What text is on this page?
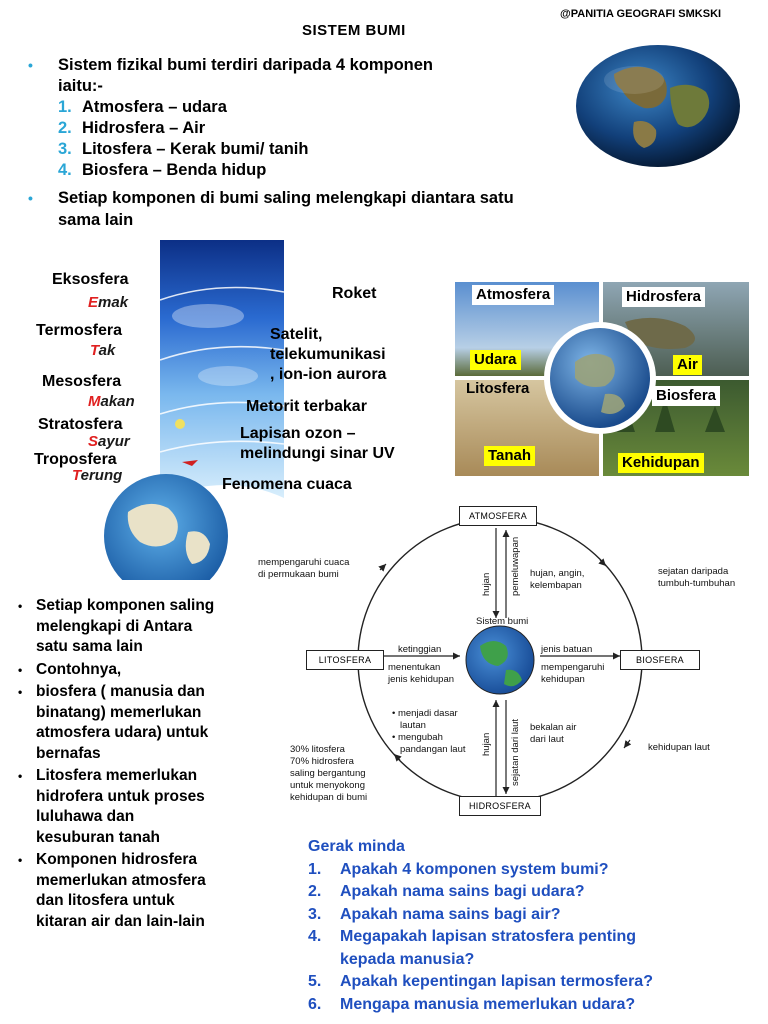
@PANITIA GEOGRAFI SMKSKI
SISTEM BUMI
•	Sistem fizikal bumi terdiri daripada 4 komponen
iaitu:-
1. Atmosfera – udara
2. Hidrosfera – Air
3. Litosfera – Kerak bumi/ tanih
4. Biosfera – Benda hidup
•	Setiap komponen di bumi saling melengkapi diantara satu
sama lain
Eksosfera
Emak
Termosfera
Tak
Mesosfera
Makan
Stratosfera
Sayur
Troposfera
Terung
Roket
Satelit,
telekumunikasi
, ion-ion aurora
Metorit terbakar
Lapisan ozon –
melindungi sinar UV
Fenomena cuaca
Atmosfera	Hidrosfera
Udara	Air
Litosfera	Biosfera
Tanah	Kehidupan
• Setiap komponen saling
melengkapi di Antara
satu sama lain
• Contohnya,
• biosfera ( manusia dan
binatang) memerlukan
atmosfera udara) untuk
bernafas
• Litosfera memerlukan
hidrofera untuk proses
luluhawa dan
kesuburan tanah
• Komponen hidrosfera
memerlukan atmosfera
dan litosfera untuk
kitaran air dan lain-lain
ATMOSFERA
LITOSFERA	BIOSFERA
HIDROSFERA
Sistem bumi
mempengaruhi cuaca
di permukaan bumi	sejatan daripada
tumbuh-tumbuhan
hujan pemeluwapan hujan, angin,
kelembapan
ketinggian
menentukan
jenis kehidupan
jenis batuan
mempengaruhi
kehidupan
• menjadi dasar
lautan
• mengubah
pandangan laut hujan sejatan dari laut bekalan air
dari laut
kehidupan laut
30% litosfera
70% hidrosfera
saling bergantung
untuk menyokong
kehidupan di bumi
Gerak minda
1.	Apakah 4 komponen system bumi?
2.	Apakah nama sains bagi udara?
3.	Apakah nama sains bagi air?
4.	Megapakah lapisan stratosfera penting
kepada manusia?
5.	Apakah kepentingan lapisan termosfera?
6.	Mengapa manusia memerlukan udara?
